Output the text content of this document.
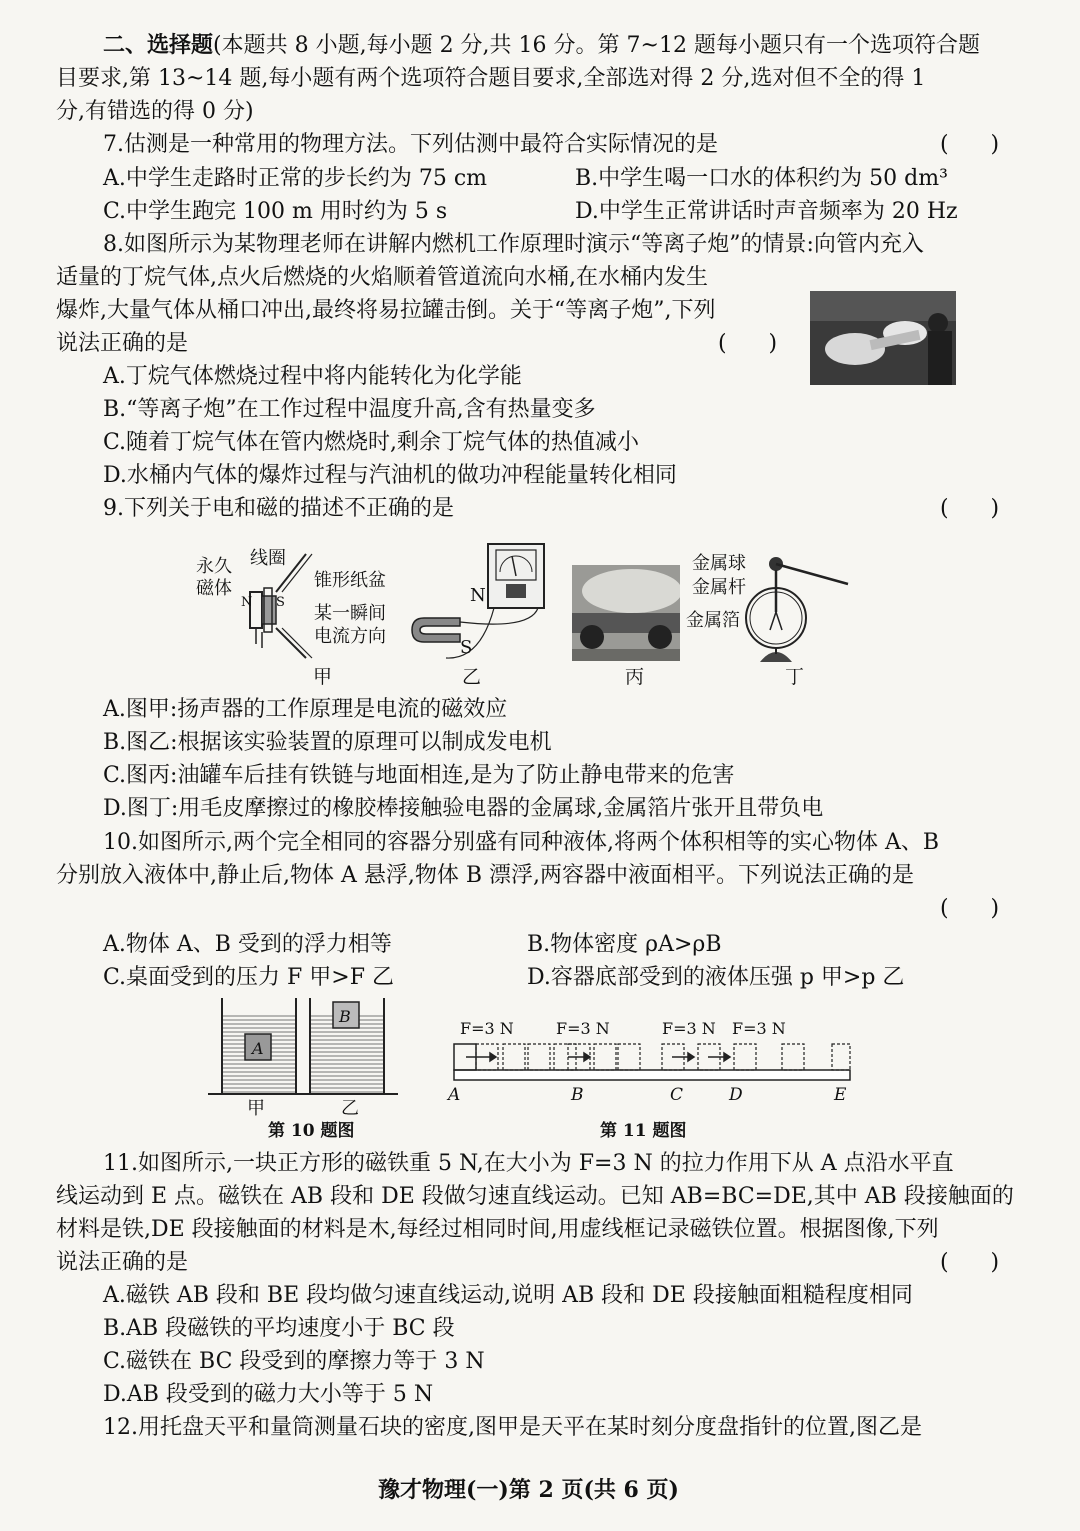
二、选择题(本题共 8 小题,每小题 2 分,共 16 分。第 7~12 题每小题只有一个选项符合题
目要求,第 13~14 题,每小题有两个选项符合题目要求,全部选对得 2 分,选对但不全的得 1
分,有错选的得 0 分)
7.估测是一种常用的物理方法。下列估测中最符合实际情况的是	(      )
A.中学生走路时正常的步长约为 75 cm	B.中学生喝一口水的体积约为 50 dm³
C.中学生跑完 100 m 用时约为 5 s	D.中学生正常讲话时声音频率为 20 Hz
8.如图所示为某物理老师在讲解内燃机工作原理时演示“等离子炮”的情景:向管内充入
适量的丁烷气体,点火后燃烧的火焰顺着管道流向水桶,在水桶内发生
爆炸,大量气体从桶口冲出,最终将易拉罐击倒。关于“等离子炮”,下列
说法正确的是	(      )
A.丁烷气体燃烧过程中将内能转化为化学能
B.“等离子炮”在工作过程中温度升高,含有热量变多
C.随着丁烷气体在管内燃烧时,剩余丁烷气体的热值减小
D.水桶内气体的爆炸过程与汽油机的做功冲程能量转化相同
9.下列关于电和磁的描述不正确的是	(      )
永久
磁体
线圈
锥形纸盆
某一瞬间
电流方向
N S	N
S
金属球
金属杆
金属箔
甲	乙	丙	丁
A.图甲:扬声器的工作原理是电流的磁效应
B.图乙:根据该实验装置的原理可以制成发电机
C.图丙:油罐车后挂有铁链与地面相连,是为了防止静电带来的危害
D.图丁:用毛皮摩擦过的橡胶棒接触验电器的金属球,金属箔片张开且带负电
10.如图所示,两个完全相同的容器分别盛有同种液体,将两个体积相等的实心物体 A、B
分别放入液体中,静止后,物体 A 悬浮,物体 B 漂浮,两容器中液面相平。下列说法正确的是
(      )
A.物体 A、B 受到的浮力相等	B.物体密度 ρA>ρB
C.桌面受到的压力 F 甲>F 乙	D.容器底部受到的液体压强 p 甲>p 乙
A
B
甲	乙
第 10 题图
F=3 N	F=3 N	F=3 N F=3 N
A	B	C	D	E
第 11 题图
11.如图所示,一块正方形的磁铁重 5 N,在大小为 F=3 N 的拉力作用下从 A 点沿水平直
线运动到 E 点。磁铁在 AB 段和 DE 段做匀速直线运动。已知 AB=BC=DE,其中 AB 段接触面的
材料是铁,DE 段接触面的材料是木,每经过相同时间,用虚线框记录磁铁位置。根据图像,下列
说法正确的是	(      )
A.磁铁 AB 段和 BE 段均做匀速直线运动,说明 AB 段和 DE 段接触面粗糙程度相同
B.AB 段磁铁的平均速度小于 BC 段
C.磁铁在 BC 段受到的摩擦力等于 3 N
D.AB 段受到的磁力大小等于 5 N
12.用托盘天平和量筒测量石块的密度,图甲是天平在某时刻分度盘指针的位置,图乙是
豫才物理(一)第 2 页(共 6 页)
